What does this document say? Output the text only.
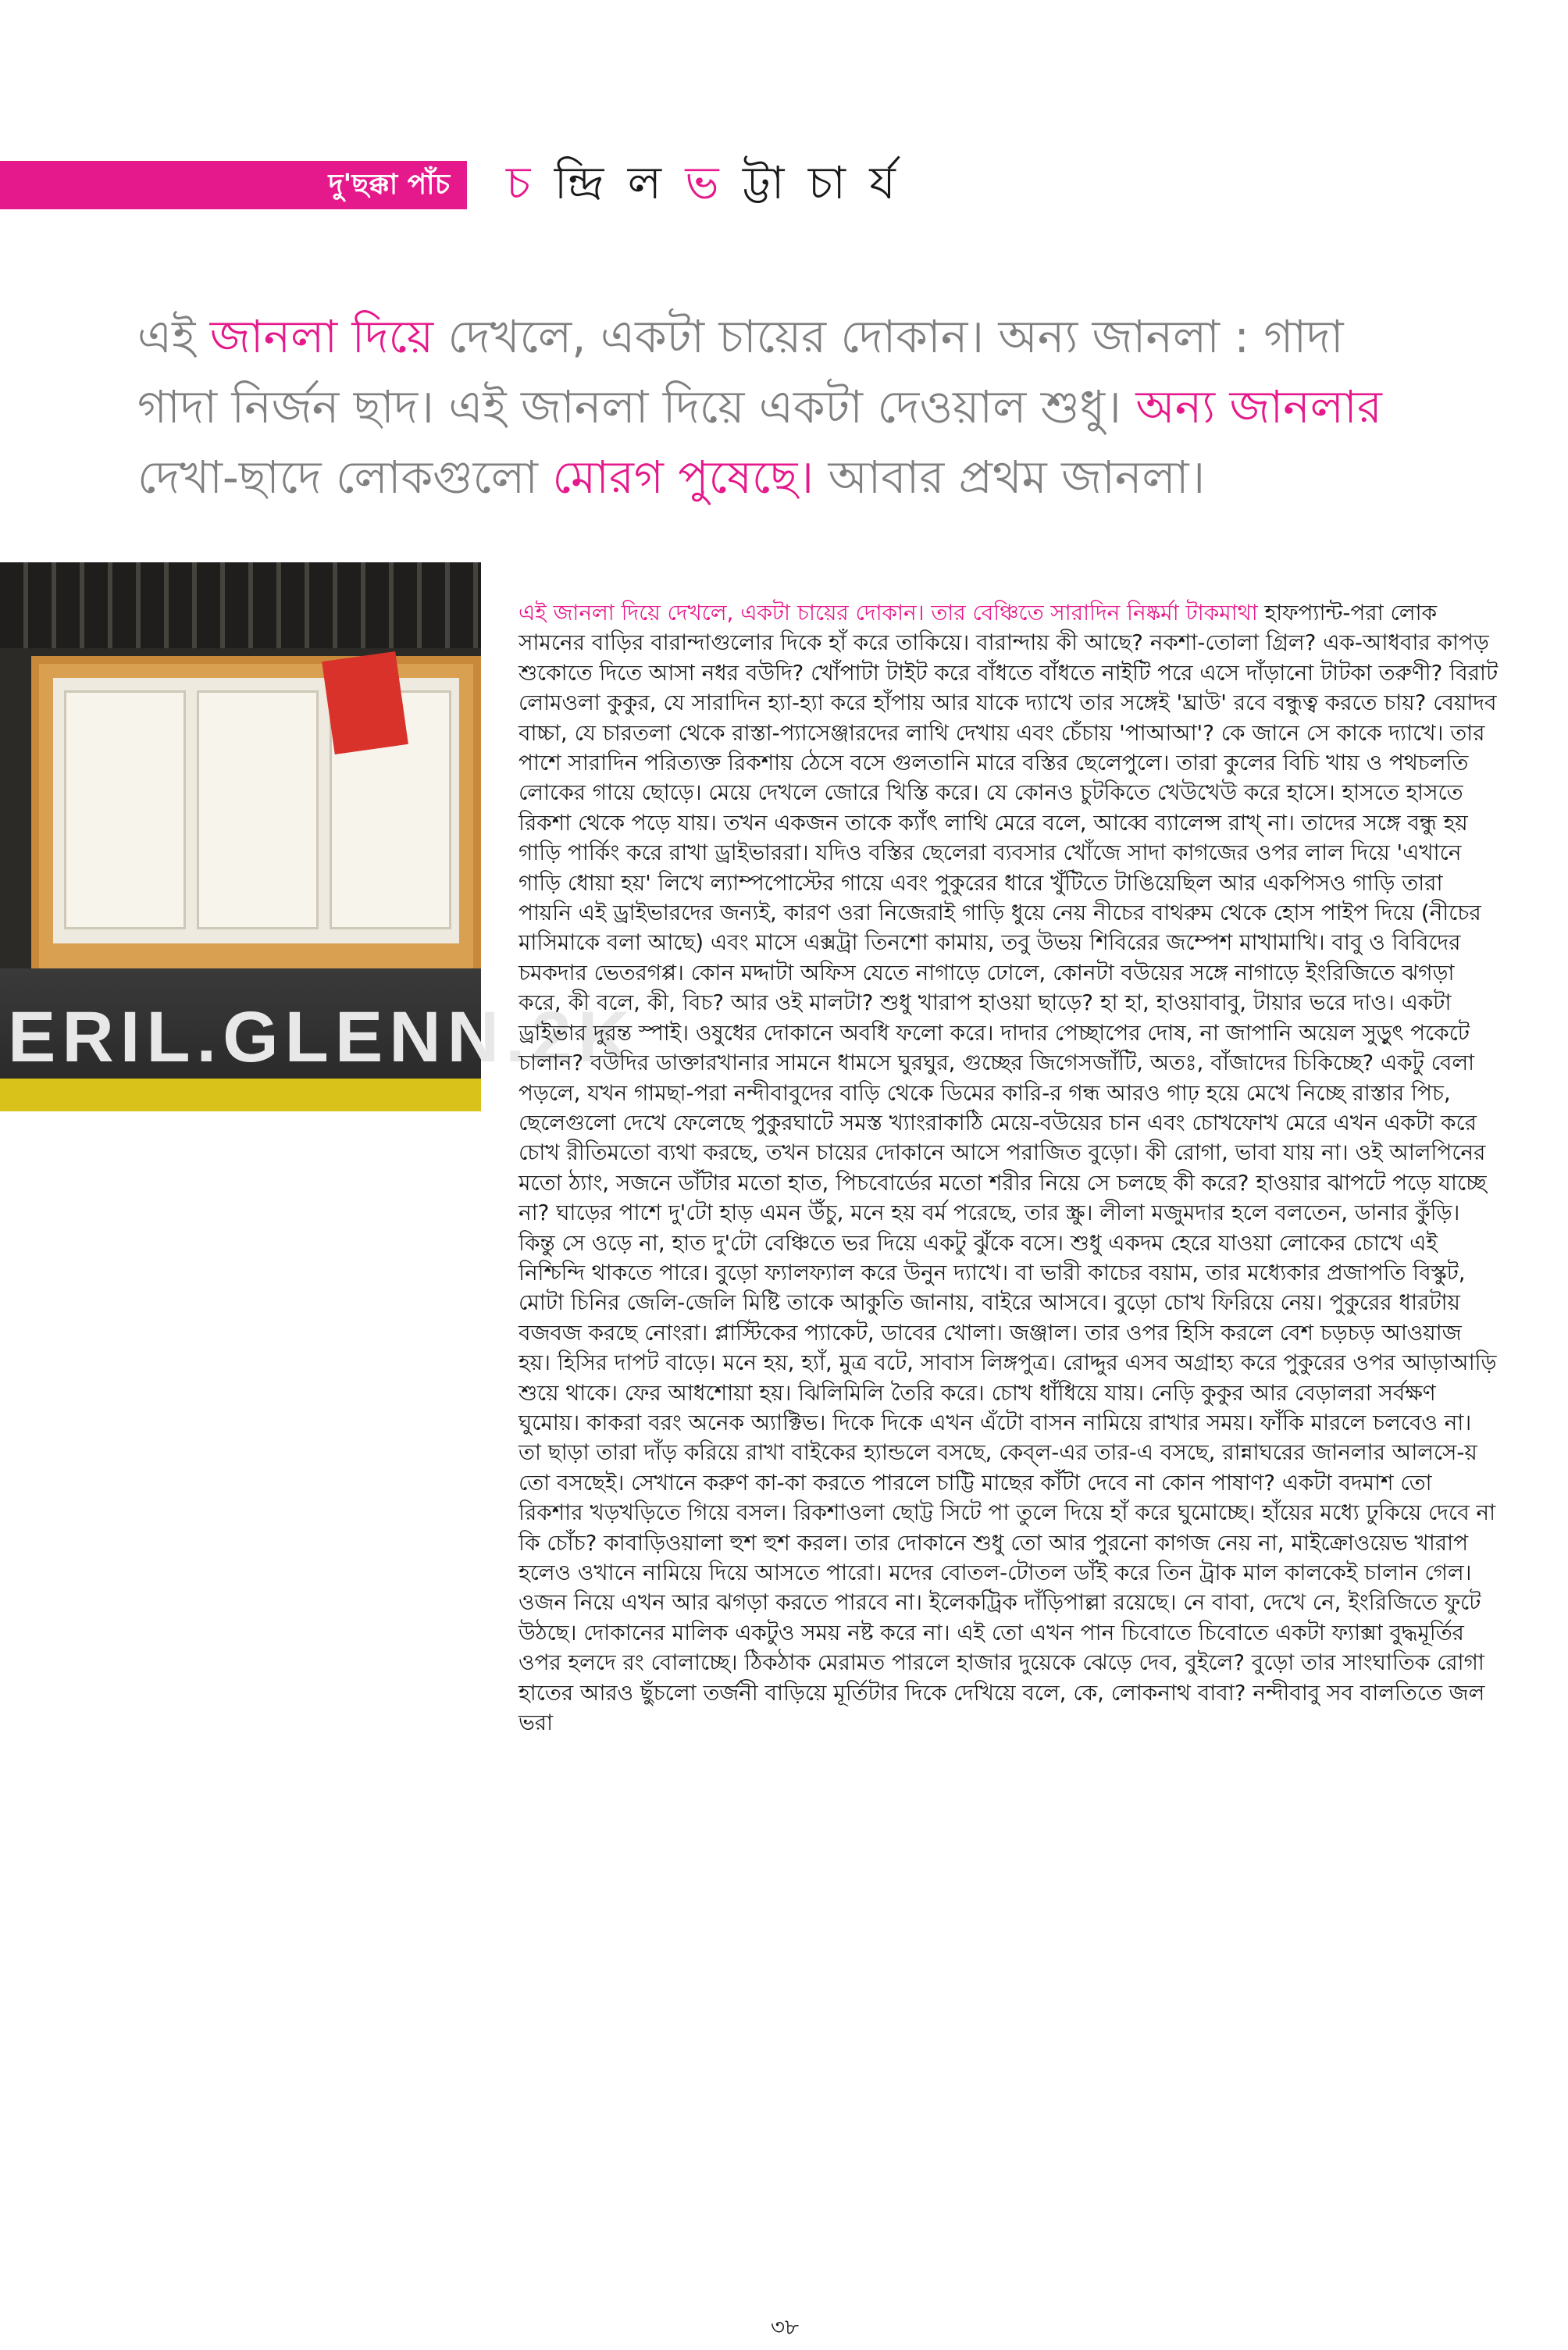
দু'ছক্কা পাঁচ চ ন্দ্রি ল ভ ট্টা চা র্য
এই জানলা দিয়ে দেখলে, একটা চায়ের দোকান। অন্য জানলা : গাদা গাদা নির্জন ছাদ। এই জানলা দিয়ে একটা দেওয়াল শুধু। অন্য জানলার দেখা-ছাদে লোকগুলো মোরগ পুষেছে। আবার প্রথম জানলা।
ERIL.GLENN.2K
এই জানলা দিয়ে দেখলে, একটা চায়ের দোকান। তার বেঞ্চিতে সারাদিন নিষ্কর্মা টাকমাথা হাফপ্যান্ট-পরা লোক সামনের বাড়ির বারান্দাগুলোর দিকে হাঁ করে তাকিয়ে। বারান্দায় কী আছে? নকশা-তোলা গ্রিল? এক-আধবার কাপড় শুকোতে দিতে আসা নধর বউদি? খোঁপাটা টাইট করে বাঁধতে বাঁধতে নাইটি পরে এসে দাঁড়ানো টাটকা তরুণী? বিরাট লোমওলা কুকুর, যে সারাদিন হ্যা-হ্যা করে হাঁপায় আর যাকে দ্যাখে তার সঙ্গেই 'ঘ্রাউ' রবে বন্ধুত্ব করতে চায়? বেয়াদব বাচ্চা, যে চারতলা থেকে রাস্তা-প্যাসেঞ্জারদের লাথি দেখায় এবং চেঁচায় 'পাআআ'? কে জানে সে কাকে দ্যাখে। তার পাশে সারাদিন পরিত্যক্ত রিকশায় ঠেসে বসে গুলতানি মারে বস্তির ছেলেপুলে। তারা কুলের বিচি খায় ও পথচলতি লোকের গায়ে ছোড়ে। মেয়ে দেখলে জোরে খিস্তি করে। যে কোনও চুটকিতে খেউখেউ করে হাসে। হাসতে হাসতে রিকশা থেকে পড়ে যায়। তখন একজন তাকে ক্যাঁৎ লাথি মেরে বলে, আব্বে ব্যালেন্স রাখ্ না। তাদের সঙ্গে বন্ধু হয় গাড়ি পার্কিং করে রাখা ড্রাইভাররা। যদিও বস্তির ছেলেরা ব্যবসার খোঁজে সাদা কাগজের ওপর লাল দিয়ে 'এখানে গাড়ি ধোয়া হয়' লিখে ল্যাম্পপোস্টের গায়ে এবং পুকুরের ধারে খুঁটিতে টাঙিয়েছিল আর একপিসও গাড়ি তারা পায়নি এই ড্রাইভারদের জন্যই, কারণ ওরা নিজেরাই গাড়ি ধুয়ে নেয় নীচের বাথরুম থেকে হোস পাইপ দিয়ে (নীচের মাসিমাকে বলা আছে) এবং মাসে এক্সট্রা তিনশো কামায়, তবু উভয় শিবিরের জম্পেশ মাখামাখি। বাবু ও বিবিদের চমকদার ভেতরগপ্প। কোন মদ্দাটা অফিস যেতে নাগাড়ে ঢোলে, কোনটা বউয়ের সঙ্গে নাগাড়ে ইংরিজিতে ঝগড়া করে, কী বলে, কী, বিচ? আর ওই মালটা? শুধু খারাপ হাওয়া ছাড়ে? হা হা, হাওয়াবাবু, টায়ার ভরে দাও। একটা ড্রাইভার দুরন্ত স্পাই। ওষুধের দোকানে অবধি ফলো করে। দাদার পেচ্ছাপের দোষ, না জাপানি অয়েল সুড়ুৎ পকেটে চালান? বউদির ডাক্তারখানার সামনে ধামসে ঘুরঘুর, গুচ্ছের জিগেসজাঁটি, অতঃ, বাঁজাদের চিকিচ্ছে? একটু বেলা পড়লে, যখন গামছা-পরা নন্দীবাবুদের বাড়ি থেকে ডিমের কারি-র গন্ধ আরও গাঢ় হয়ে মেখে নিচ্ছে রাস্তার পিচ, ছেলেগুলো দেখে ফেলেছে পুকুরঘাটে সমস্ত খ্যাংরাকাঠি মেয়ে-বউয়ের চান এবং চোখফোখ মেরে এখন একটা করে চোখ রীতিমতো ব্যথা করছে, তখন চায়ের দোকানে আসে পরাজিত বুড়ো। কী রোগা, ভাবা যায় না। ওই আলপিনের মতো ঠ্যাং, সজনে ডাঁটার মতো হাত, পিচবোর্ডের মতো শরীর নিয়ে সে চলছে কী করে? হাওয়ার ঝাপটে পড়ে যাচ্ছে না? ঘাড়ের পাশে দু'টো হাড় এমন উঁচু, মনে হয় বর্ম পরেছে, তার স্ক্রু। লীলা মজুমদার হলে বলতেন, ডানার কুঁড়ি। কিন্তু সে ওড়ে না, হাত দু'টো বেঞ্চিতে ভর দিয়ে একটু ঝুঁকে বসে। শুধু একদম হেরে যাওয়া লোকের চোখে এই নিশ্চিন্দি থাকতে পারে। বুড়ো ফ্যালফ্যাল করে উনুন দ্যাখে। বা ভারী কাচের বয়াম, তার মধ্যেকার প্রজাপতি বিস্কুট, মোটা চিনির জেলি-জেলি মিষ্টি তাকে আকুতি জানায়, বাইরে আসবে। বুড়ো চোখ ফিরিয়ে নেয়। পুকুরের ধারটায় বজবজ করছে নোংরা। প্লাস্টিকের প্যাকেট, ডাবের খোলা। জঞ্জাল। তার ওপর হিসি করলে বেশ চড়চড় আওয়াজ হয়। হিসির দাপট বাড়ে। মনে হয়, হ্যাঁ, মুত্র বটে, সাবাস লিঙ্গপুত্র। রোদ্দুর এসব অগ্রাহ্য করে পুকুরের ওপর আড়াআড়ি শুয়ে থাকে। ফের আধশোয়া হয়। ঝিলিমিলি তৈরি করে। চোখ ধাঁধিয়ে যায়। নেড়ি কুকুর আর বেড়ালরা সর্বক্ষণ ঘুমোয়। কাকরা বরং অনেক অ্যাক্টিভ। দিকে দিকে এখন এঁটো বাসন নামিয়ে রাখার সময়। ফাঁকি মারলে চলবেও না। তা ছাড়া তারা দাঁড় করিয়ে রাখা বাইকের হ্যান্ডলে বসছে, কেব্‌ল-এর তার-এ বসছে, রান্নাঘরের জানলার আলসে-য় তো বসছেই। সেখানে করুণ কা-কা করতে পারলে চাট্টি মাছের কাঁটা দেবে না কোন পাষাণ? একটা বদমাশ তো রিকশার খড়খড়িতে গিয়ে বসল। রিকশাওলা ছোট্ট সিটে পা তুলে দিয়ে হাঁ করে ঘুমোচ্ছে। হাঁয়ের মধ্যে ঢুকিয়ে দেবে না কি চোঁচ? কাবাড়িওয়ালা হুশ হুশ করল। তার দোকানে শুধু তো আর পুরনো কাগজ নেয় না, মাইক্রোওয়েভ খারাপ হলেও ওখানে নামিয়ে দিয়ে আসতে পারো। মদের বোতল-টোতল ডাঁই করে তিন ট্রাক মাল কালকেই চালান গেল। ওজন নিয়ে এখন আর ঝগড়া করতে পারবে না। ইলেকট্রিক দাঁড়িপাল্লা রয়েছে। নে বাবা, দেখে নে, ইংরিজিতে ফুটে উঠছে। দোকানের মালিক একটুও সময় নষ্ট করে না। এই তো এখন পান চিবোতে চিবোতে একটা ফ্যাক্সা বুদ্ধমূর্তির ওপর হলদে রং বোলাচ্ছে। ঠিকঠাক মেরামত পারলে হাজার দুয়েকে ঝেড়ে দেব, বুইলে? বুড়ো তার সাংঘাতিক রোগা হাতের আরও ছুঁচলো তর্জনী বাড়িয়ে মূর্তিটার দিকে দেখিয়ে বলে, কে, লোকনাথ বাবা? নন্দীবাবু সব বালতিতে জল ভরা
৩৮
